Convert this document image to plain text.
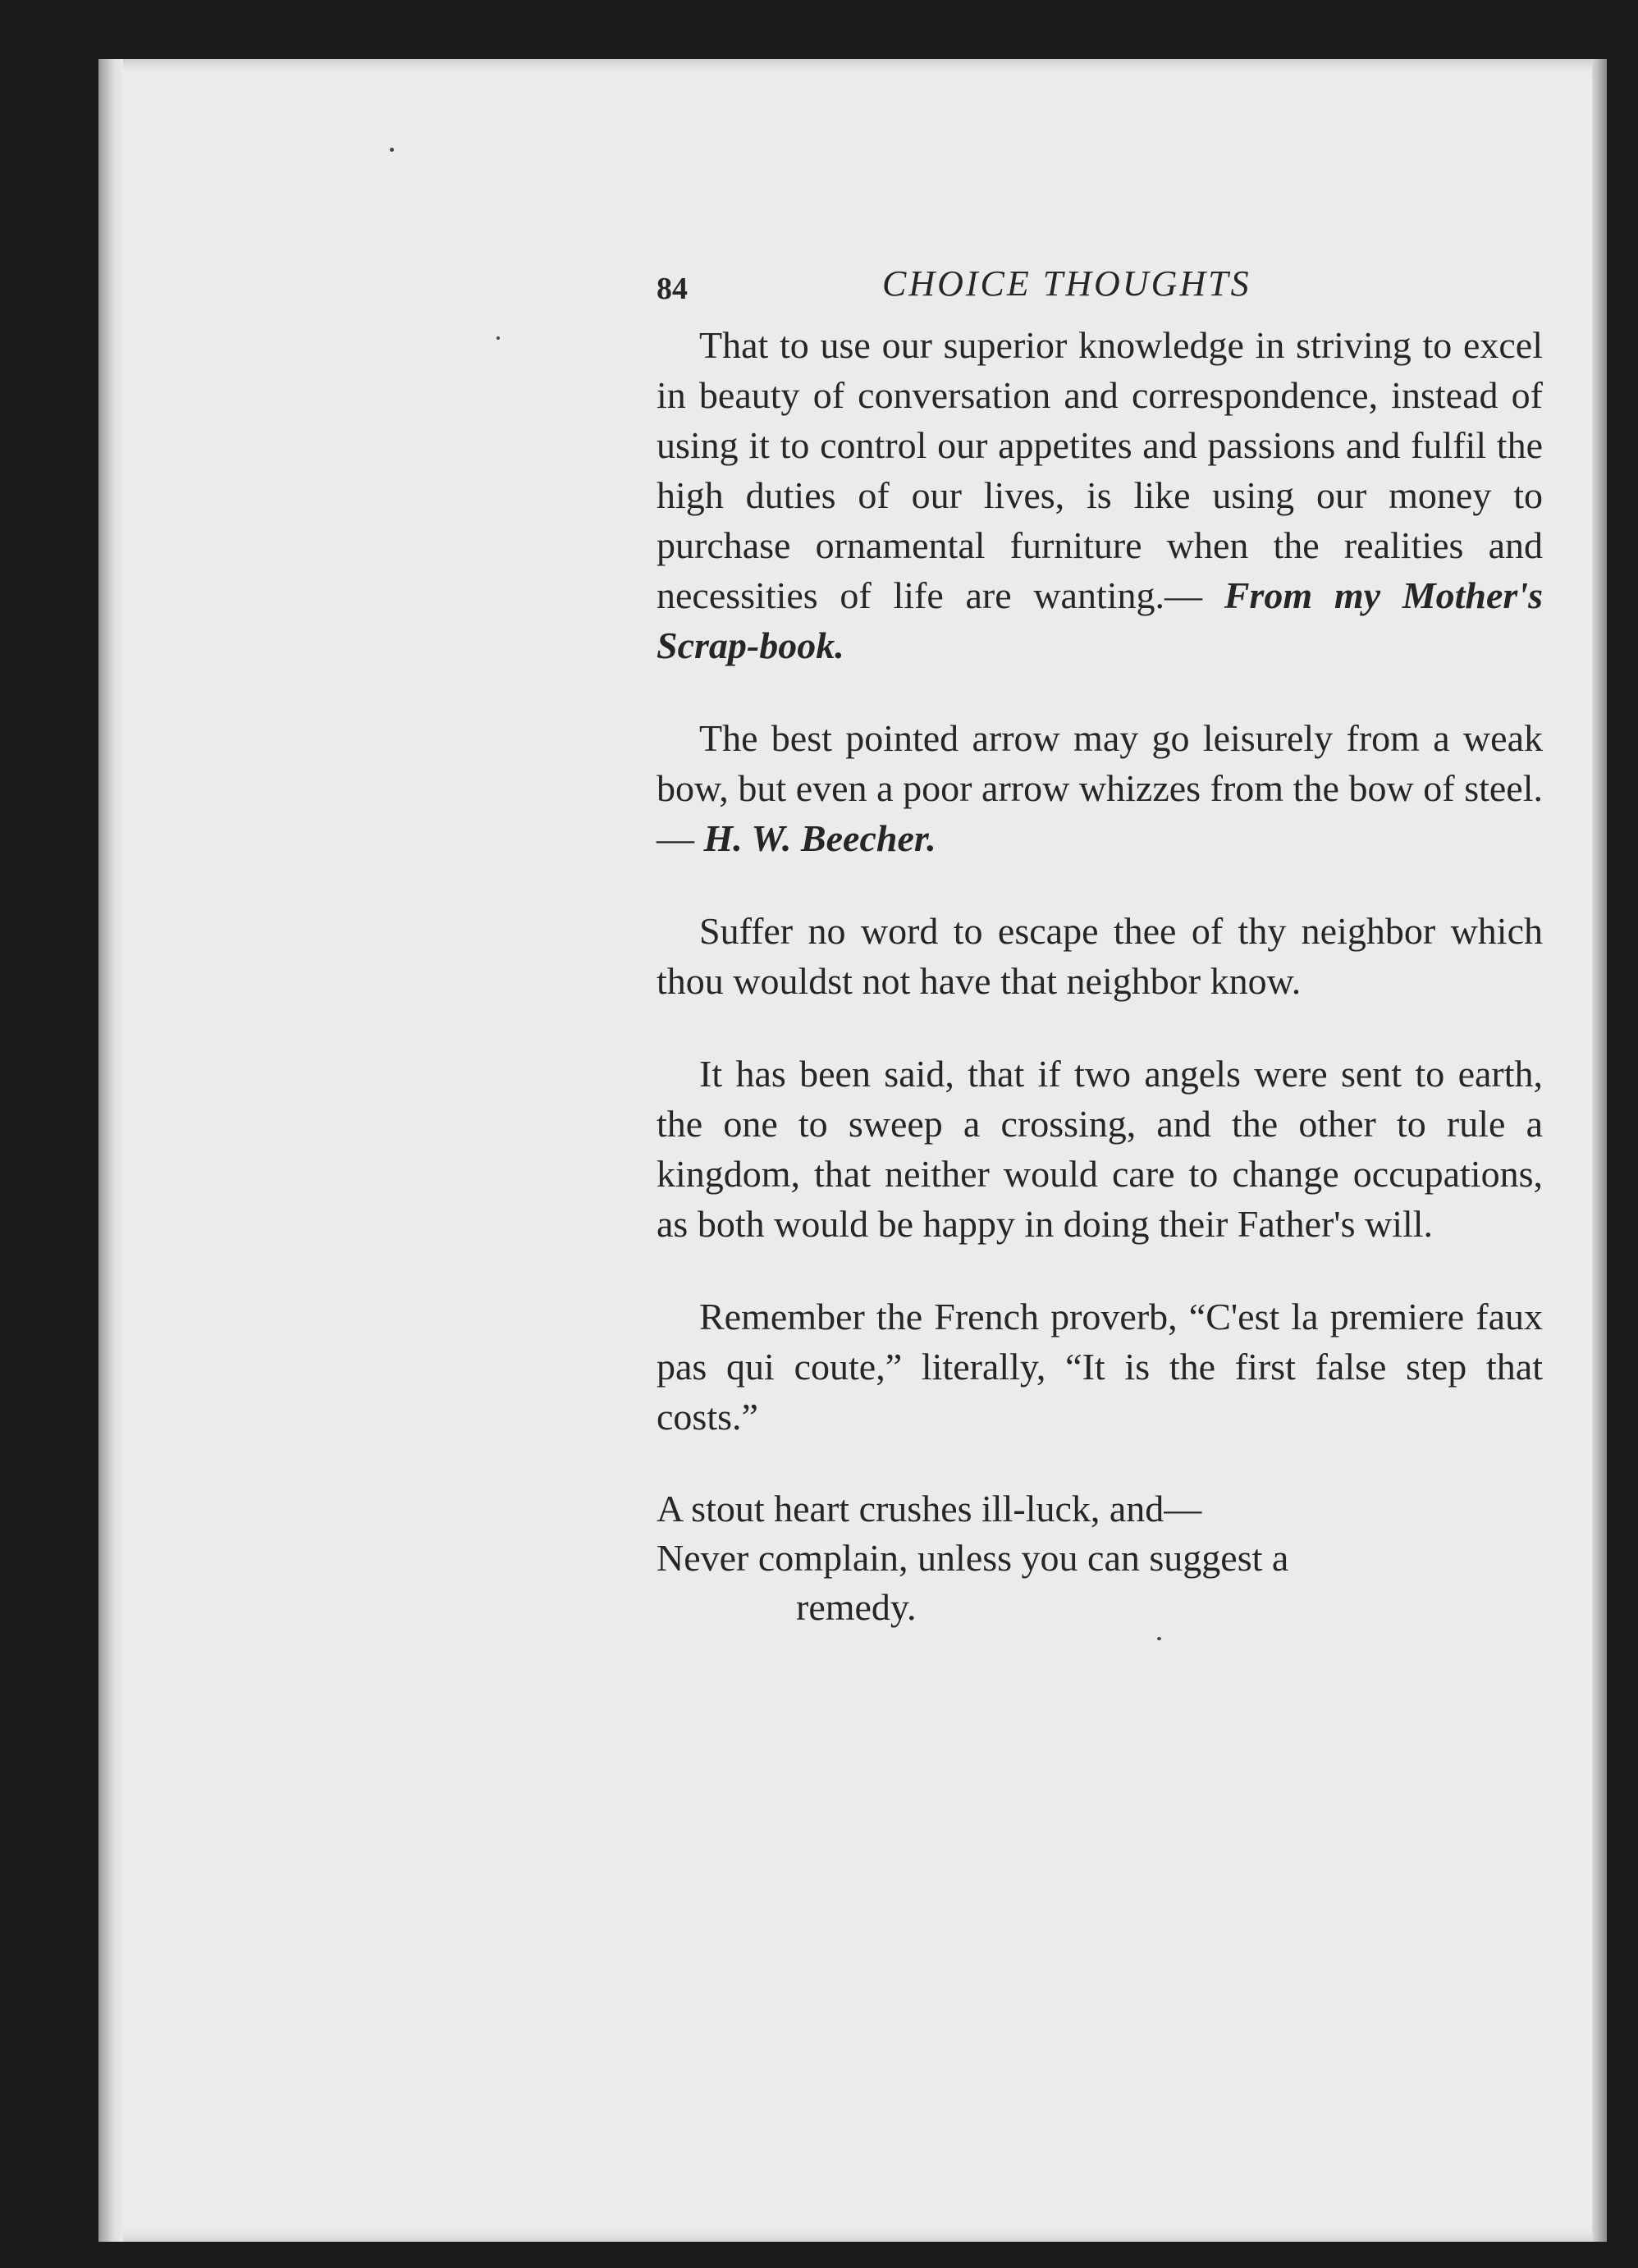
84	CHOICE THOUGHTS

That to use our superior knowledge in striving to excel in beauty of conversation and correspondence, instead of using it to control our appetites and passions and fulfil the high duties of our lives, is like using our money to purchase ornamental furniture when the realities and necessities of life are wanting.— From my Mother's Scrap-book.

The best pointed arrow may go leisurely from a weak bow, but even a poor arrow whizzes from the bow of steel.— H. W. Beecher.

Suffer no word to escape thee of thy neighbor which thou wouldst not have that neighbor know.

It has been said, that if two angels were sent to earth, the one to sweep a crossing, and the other to rule a kingdom, that neither would care to change occupations, as both would be happy in doing their Father's will.

Remember the French proverb, “C'est la premiere faux pas qui coute,” literally, “It is the first false step that costs.”

A stout heart crushes ill-luck, and—
Never complain, unless you can suggest a
remedy.
